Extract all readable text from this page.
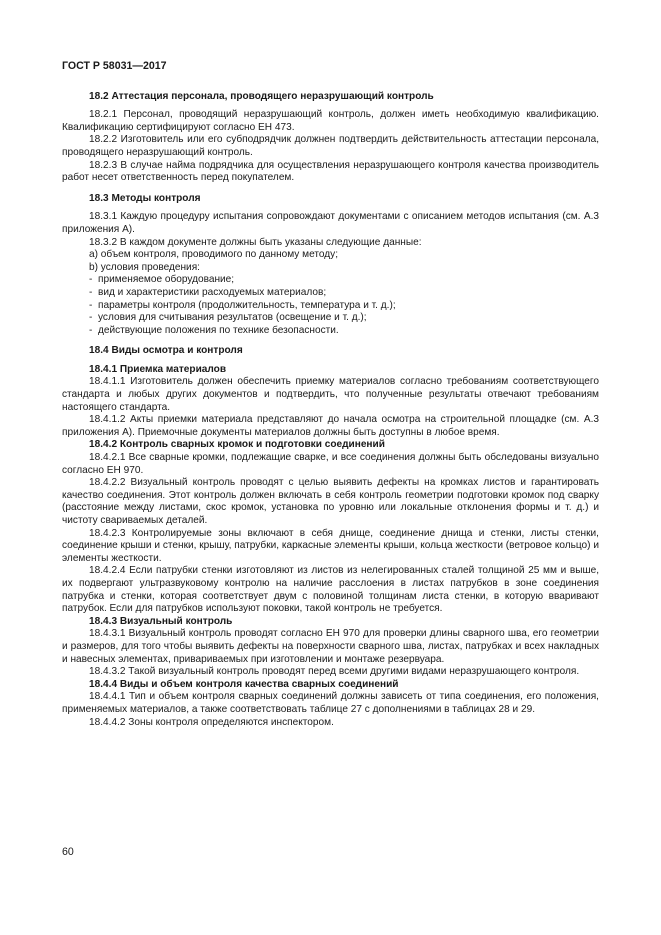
ГОСТ Р 58031—2017
18.2 Аттестация персонала, проводящего неразрушающий контроль

18.2.1 Персонал, проводящий неразрушающий контроль, должен иметь необходимую квалификацию. Квалификацию сертифицируют согласно ЕН 473.

18.2.2 Изготовитель или его субподрядчик должнен подтвердить действительность аттестации персонала, проводящего неразрушающий контроль.

18.2.3 В случае найма подрядчика для осуществления неразрушающего контроля качества производитель работ несет ответственность перед покупателем.

18.3 Методы контроля

18.3.1 Каждую процедуру испытания сопровождают документами с описанием методов испытания (см. А.3 приложения А).

18.3.2 В каждом документе должны быть указаны следующие данные:

a) объем контроля, проводимого по данному методу;

b) условия проведения:

-  применяемое оборудование;
-  вид и характеристики расходуемых материалов;
-  параметры контроля (продолжительность, температура и т. д.);
-  условия для считывания результатов (освещение и т. д.);
-  действующие положения по технике безопасности.
18.4 Виды осмотра и контроля
18.4.1 Приемка материалов

18.4.1.1 Изготовитель должен обеспечить приемку материалов согласно требованиям соответствующего стандарта и любых других документов и подтвердить, что полученные результаты отвечают требованиям настоящего стандарта.

18.4.1.2 Акты приемки материала представляют до начала осмотра на строительной площадке (см. А.3 приложения А). Приемочные документы материалов должны быть доступны в любое время.

18.4.2 Контроль сварных кромок и подготовки соединений

18.4.2.1 Все сварные кромки, подлежащие сварке, и все соединения должны быть обследованы визуально согласно ЕН 970.

18.4.2.2 Визуальный контроль проводят с целью выявить дефекты на кромках листов и гарантировать качество соединения. Этот контроль должен включать в себя контроль геометрии подготовки кромок под сварку (расстояние между листами, скос кромок, установка по уровню или локальные отклонения формы и т. д.) и чистоту свариваемых деталей.

18.4.2.3 Контролируемые зоны включают в себя днище, соединение днища и стенки, листы стенки, соединение крыши и стенки, крышу, патрубки, каркасные элементы крыши, кольца жесткости (ветровое кольцо) и элементы жесткости.

18.4.2.4 Если патрубки стенки изготовляют из листов из нелегированных сталей толщиной 25 мм и выше, их подвергают ультразвуковому контролю на наличие расслоения в листах патрубков в зоне соединения патрубка и стенки, которая соответствует двум с половиной толщинам листа стенки, в которую вваривают патрубок. Если для патрубков используют поковки, такой контроль не требуется.

18.4.3 Визуальный контроль

18.4.3.1 Визуальный контроль проводят согласно ЕН 970 для проверки длины сварного шва, его геометрии и размеров, для того чтобы выявить дефекты на поверхности сварного шва, листах, патрубках и всех накладных и навесных элементах, привариваемых при изготовлении и монтаже резервуара.

18.4.3.2 Такой визуальный контроль проводят перед всеми другими видами неразрушающего контроля.

18.4.4 Виды и объем контроля качества сварных соединений

18.4.4.1 Тип и объем контроля сварных соединений должны зависеть от типа соединения, его положения, применяемых материалов, а также соответствовать таблице 27 с дополнениями в таблицах 28 и 29.

18.4.4.2 Зоны контроля определяются инспектором.

60
